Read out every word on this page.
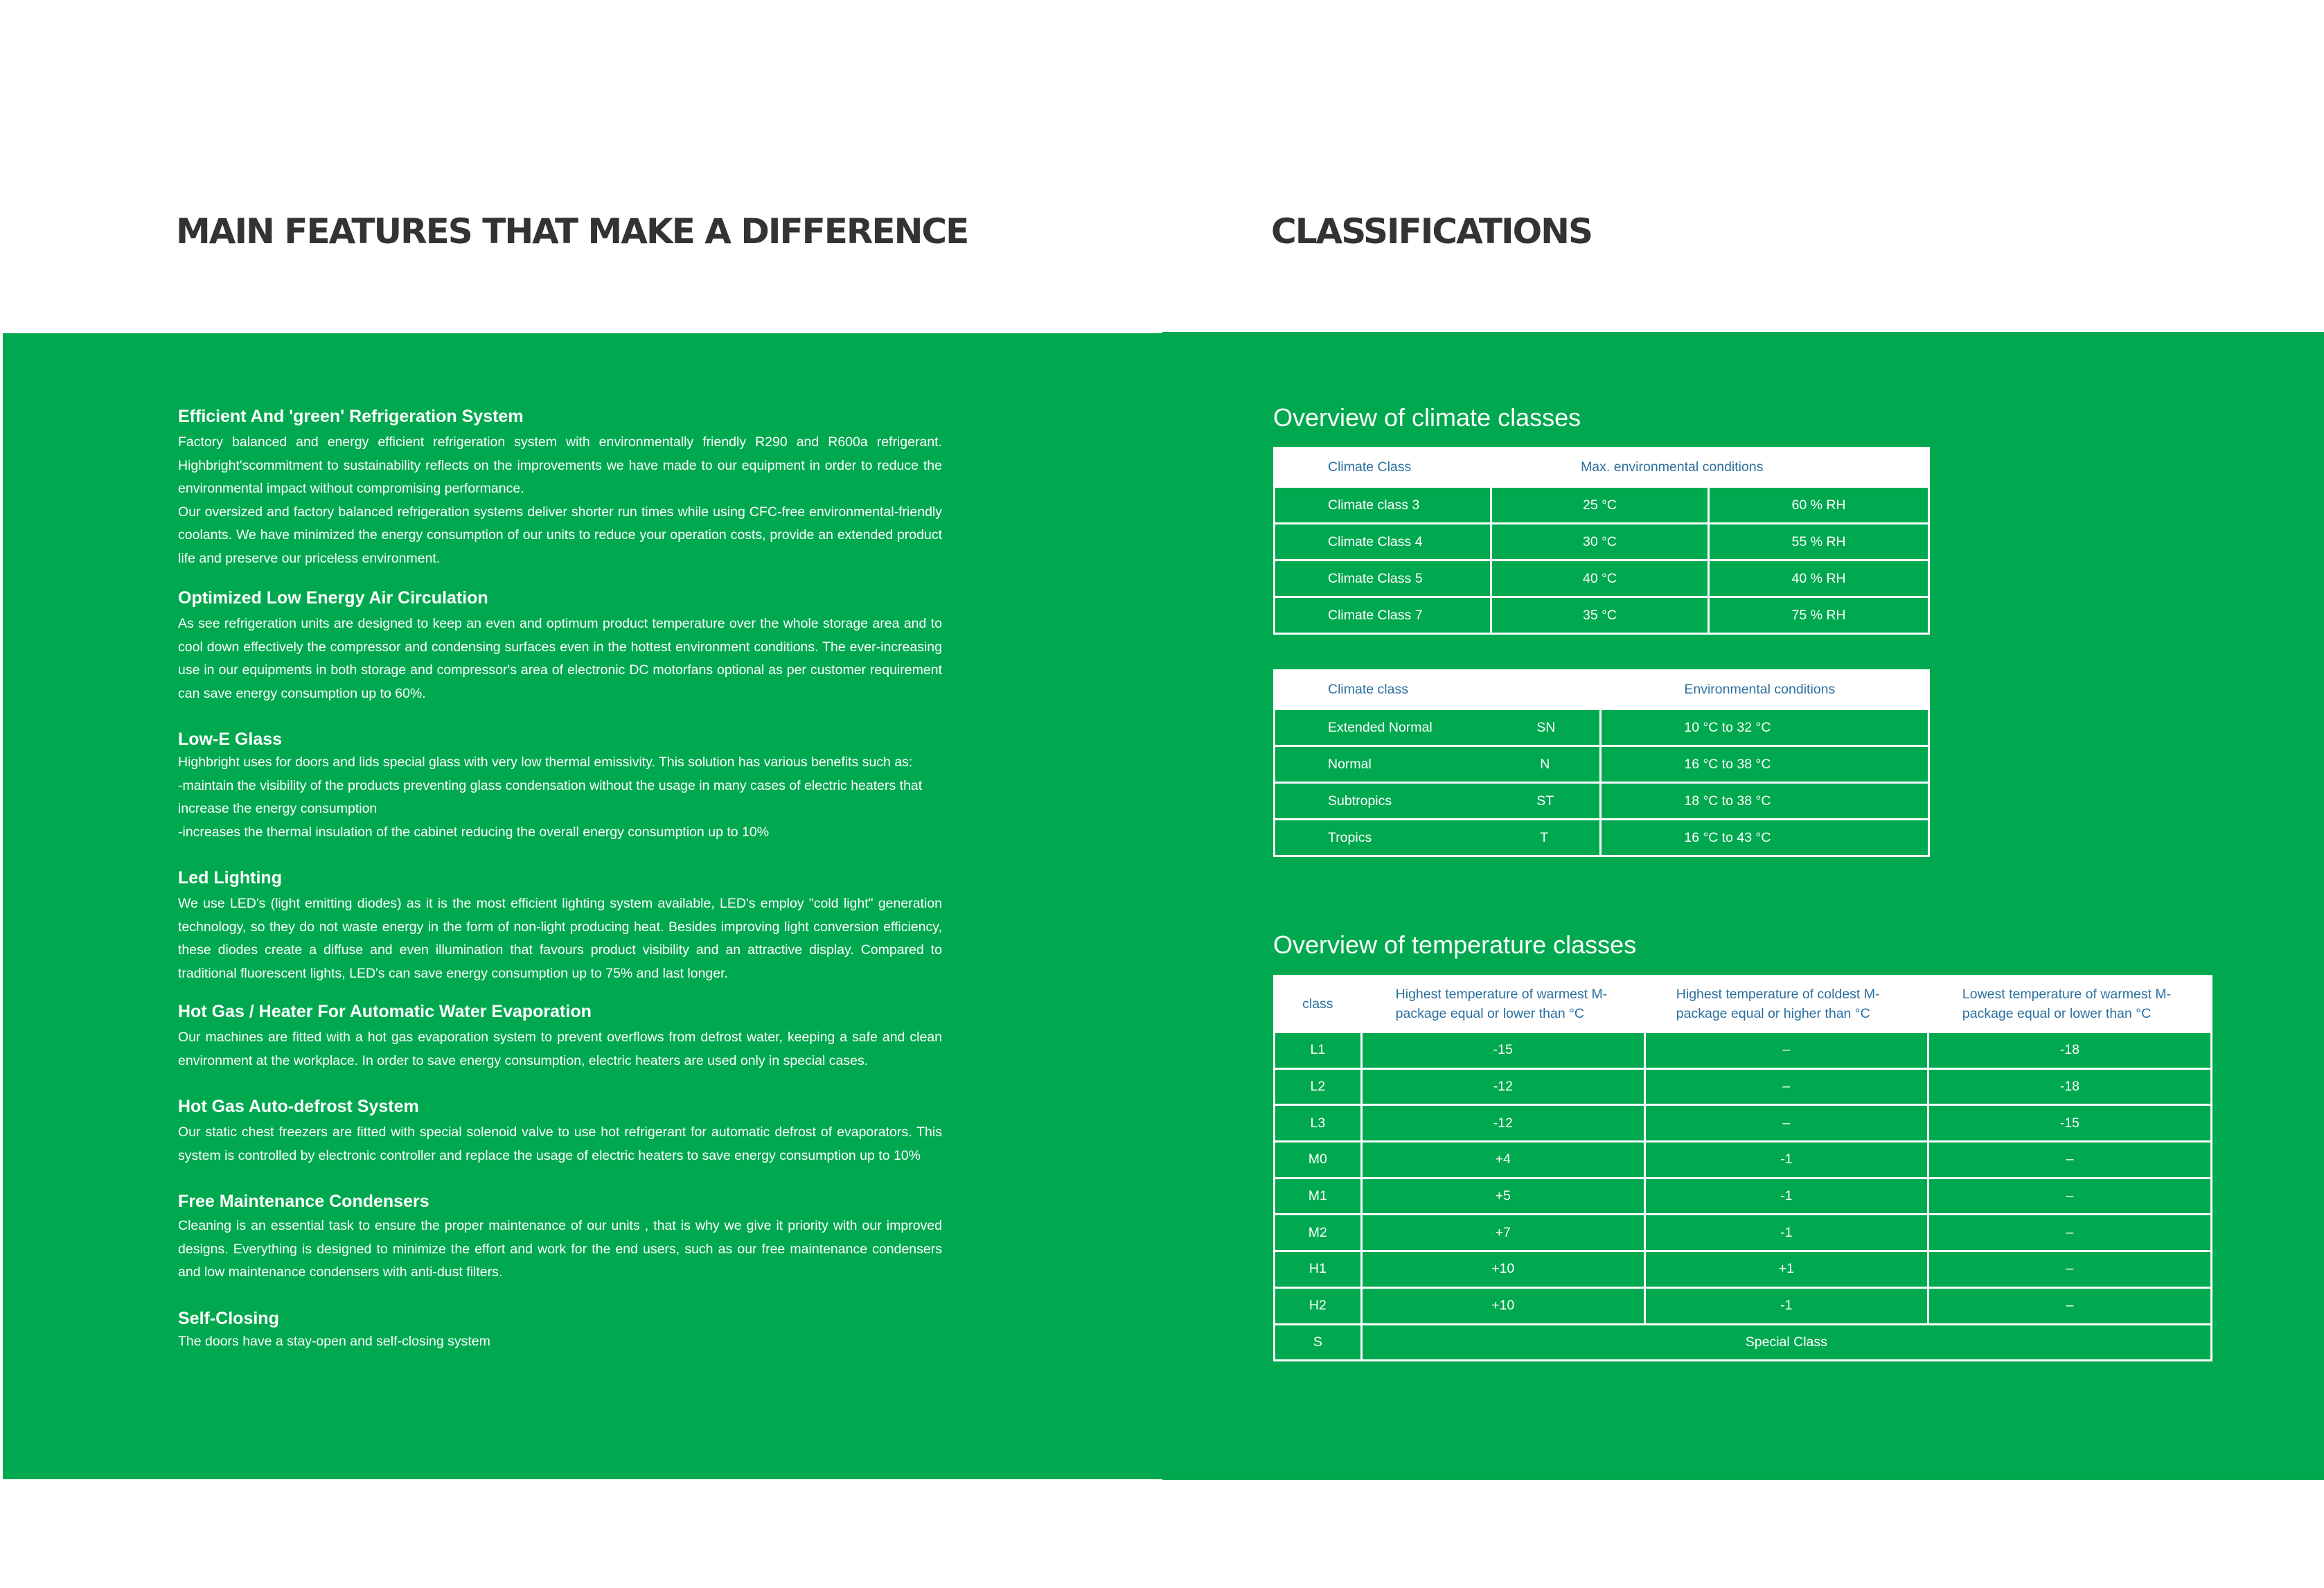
MAIN FEATURES THAT MAKE A DIFFERENCE	CLASSIFICATIONS
Efficient And 'green' Refrigeration System

Factory balanced and energy efficient refrigeration system with environmentally friendly R290 and R600a refrigerant. Highbright'scommitment to sustainability reflects on the improvements we have made to our equipment in order to reduce the environmental impact without compromising performance.

Our oversized and factory balanced refrigeration systems deliver shorter run times while using CFC-free environmental-friendly coolants. We have minimized the energy consumption of our units to reduce your operation costs, provide an extended product life and preserve our priceless environment.

Optimized Low Energy Air Circulation

As see refrigeration units are designed to keep an even and optimum product temperature over the whole storage area and to cool down effectively the compressor and condensing surfaces even in the hottest environment conditions. The ever-increasing use in our equipments in both storage and compressor's area of electronic DC motorfans optional as per customer requirement can save energy consumption up to 60%.

Low-E Glass

Highbright uses for doors and lids special glass with very low thermal emissivity. This solution has various benefits such as:

-maintain the visibility of the products preventing glass condensation without the usage in many cases of electric heaters that increase the energy consumption

-increases the thermal insulation of the cabinet reducing the overall energy consumption up to 10%

Led Lighting

We use LED's (light emitting diodes) as it is the most efficient lighting system available, LED's employ "cold light" generation technology, so they do not waste energy in the form of non-light producing heat. Besides improving light conversion efficiency, these diodes create a diffuse and even illumination that favours product visibility and an attractive display. Compared to traditional fluorescent lights, LED's can save energy consumption up to 75% and last longer.

Hot Gas / Heater For Automatic Water Evaporation

Our machines are fitted with a hot gas evaporation system to prevent overflows from defrost water, keeping a safe and clean environment at the workplace. In order to save energy consumption, electric heaters are used only in special cases.

Hot Gas Auto-defrost System

Our static chest freezers are fitted with special solenoid valve to use hot refrigerant for automatic defrost of evaporators. This system is controlled by electronic controller and replace the usage of electric heaters to save energy consumption up to 10%

Free Maintenance Condensers

Cleaning is an essential task to ensure the proper maintenance of our units , that is why we give it priority with our improved designs. Everything is designed to minimize the effort and work for the end users, such as our free maintenance condensers and low maintenance condensers with anti-dust filters.

Self-Closing

The doors have a stay-open and self-closing system

Overview of climate classes
Climate Class	Max. environmental conditions	
Climate class 3	25 °C	60 % RH
Climate Class 4	30 °C	55 % RH
Climate Class 5	40 °C	40 % RH
Climate Class 7	35 °C	75 % RH
Climate class		Environmental conditions
Extended Normal	SN	10 °C to 32 °C
Normal	N	16 °C to 38 °C
Subtropics	ST	18 °C to 38 °C
Tropics	T	16 °C to 43 °C
Overview of temperature classes
class	Highest temperature of warmest M-package equal or lower than °C	Highest temperature of coldest M-package equal or higher than °C	Lowest temperature of warmest M-package equal or lower than °C
L1	-15	–	-18
L2	-12	–	-18
L3	-12	–	-15
M0	+4	-1	–
M1	+5	-1	–
M2	+7	-1	–
H1	+10	+1	–
H2	+10	-1	–
S	Special Class		
